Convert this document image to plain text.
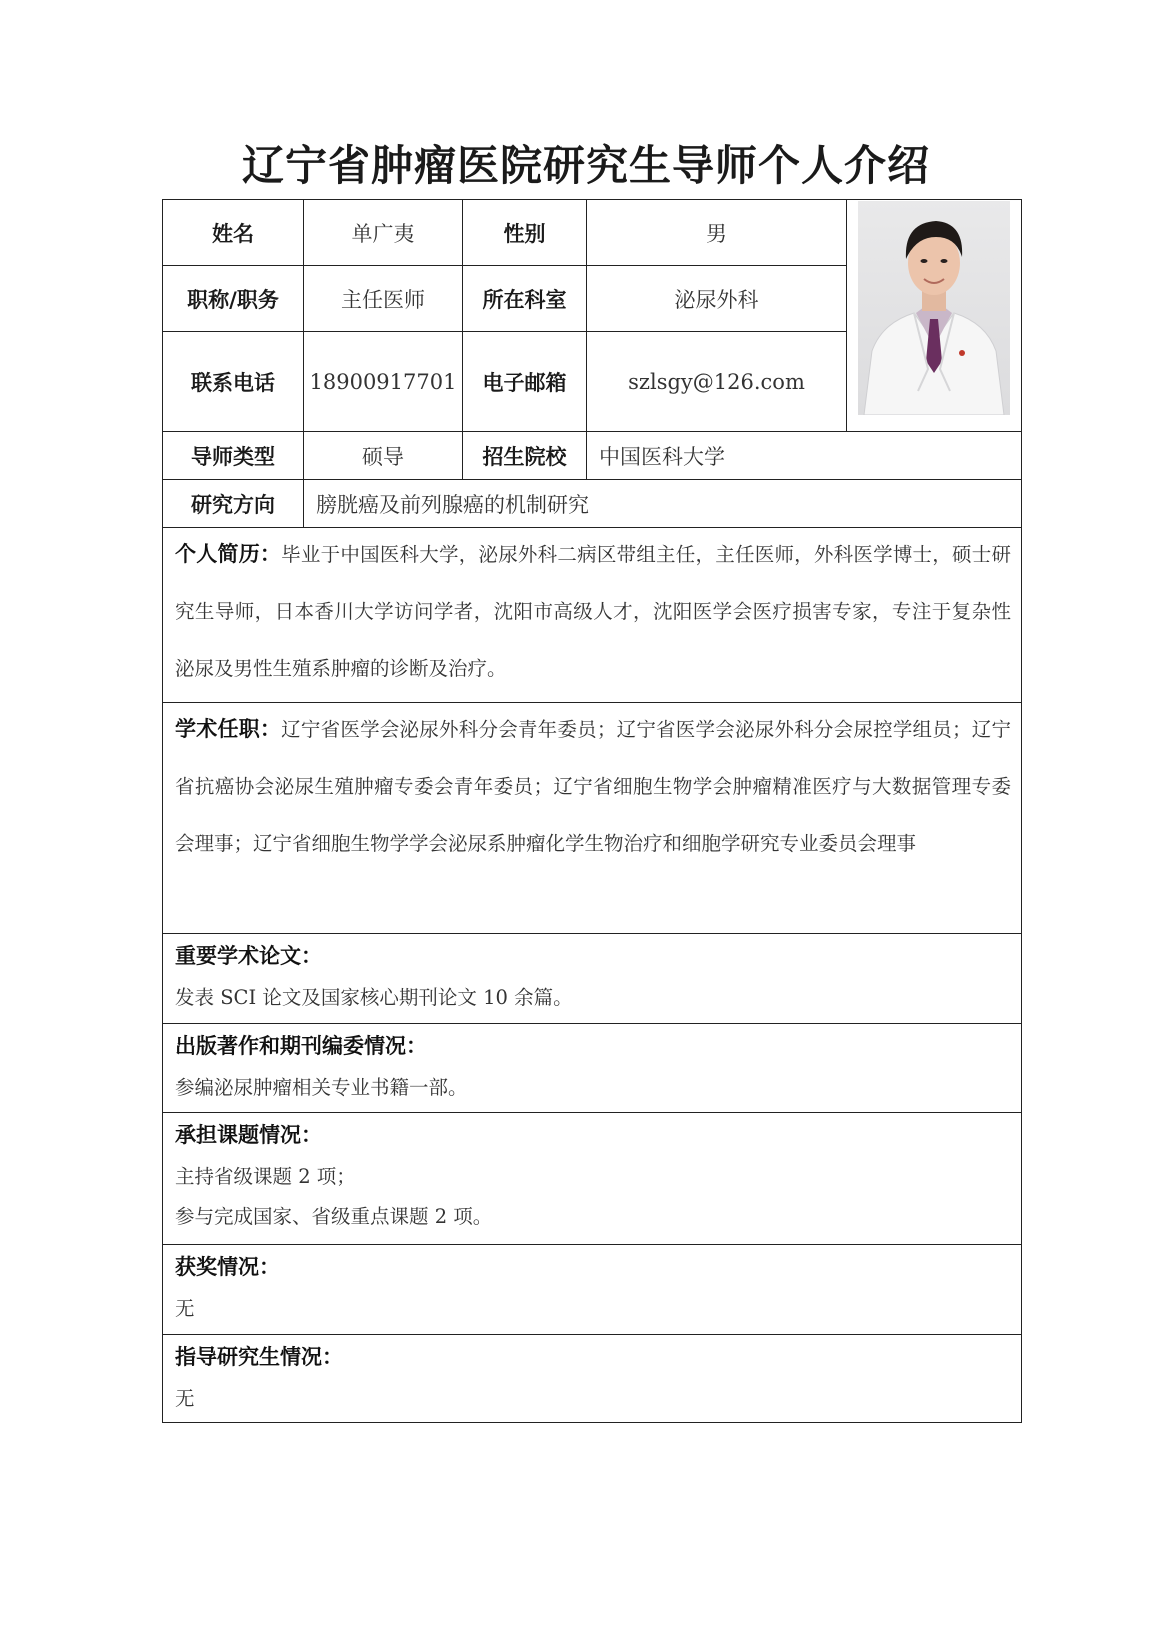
辽宁省肿瘤医院研究生导师个人介绍
姓名	单广夷	性别	男
职称/职务	主任医师	所在科室	泌尿外科
联系电话 18900917701 电子邮箱	szlsgy@126.com
导师类型	硕导	招生院校 中国医科大学
研究方向 膀胱癌及前列腺癌的机制研究
个人简历：毕业于中国医科大学，泌尿外科二病区带组主任，主任医师，外科医学博士，硕士研究生导师，日本香川大学访问学者，沈阳市高级人才，沈阳医学会医疗损害专家，专注于复杂性泌尿及男性生殖系肿瘤的诊断及治疗。
学术任职：辽宁省医学会泌尿外科分会青年委员；辽宁省医学会泌尿外科分会尿控学组员；辽宁省抗癌协会泌尿生殖肿瘤专委会青年委员；辽宁省细胞生物学会肿瘤精准医疗与大数据管理专委会理事；辽宁省细胞生物学学会泌尿系肿瘤化学生物治疗和细胞学研究专业委员会理事
重要学术论文：
发表 SCI 论文及国家核心期刊论文 10 余篇。
出版著作和期刊编委情况：
参编泌尿肿瘤相关专业书籍一部。
承担课题情况：
主持省级课题 2 项；
参与完成国家、省级重点课题 2 项。
获奖情况：
无
指导研究生情况：
无
